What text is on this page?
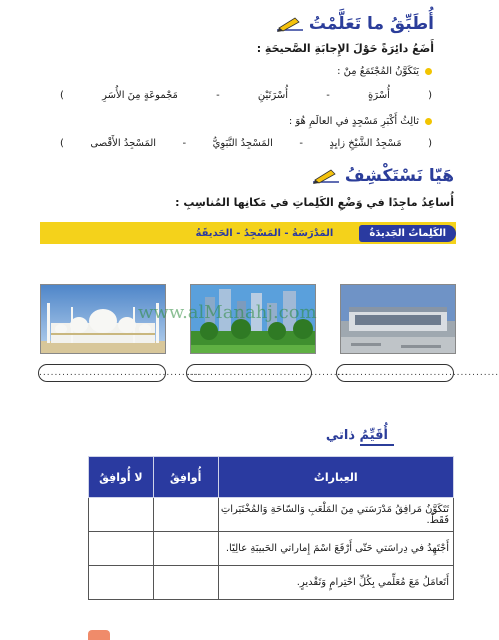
أُطَبِّقُ ما تَعَلَّمْتُ
أَضَعُ دائِرَةً حَوْلَ الإِجابَةِ الصَّحيحَةِ :
يَتَكَوَّنُ المُجْتَمَعُ مِنْ :
(
أُسْرَةٍ
-
أُسْرَتَيْنِ
-
مَجْموعَةٍ مِنَ الأُسَرِ
)
ثالِثُ أَكْبَرِ مَسْجِدٍ في العالَمِ هُوَ :
(
مَسْجِدُ الشَّيْخِ زايِدٍ
-
المَسْجِدُ النَّبَوِيُّ
-
المَسْجِدُ الأَقْصى
)
هَيّا نَسْتَكْشِفُ
أُساعِدُ ماجِدًا في وَضْعِ الكَلِماتِ في مَكانِها المُناسِبِ :
الكَلِماتُ الجَديدَةُ
المَدْرَسَةُ - المَسْجِدُ - الحَديقَةُ
www.alManahj.com
..........................................
..........................................
..........................................
أُقَيِّمُ ذاتي
العِباراتُ	أُوافِقُ	لا أُوافِقُ
تَتَكَوَّنُ مَرافِقُ مَدْرَسَتي مِنَ المَلْعَبِ وَالسّاحَةِ وَالمُخْتَبَراتِ فَقَطْ.		
أَجْتَهِدُ في دِراسَتي حَتّى أَرْفَعَ اسْمَ إِماراتي الحَبيبَةِ عالِيًا.		
أَتَعامَلُ مَعَ مُعَلِّمي بِكُلِّ احْتِرامٍ وَتَقْديرٍ.		
